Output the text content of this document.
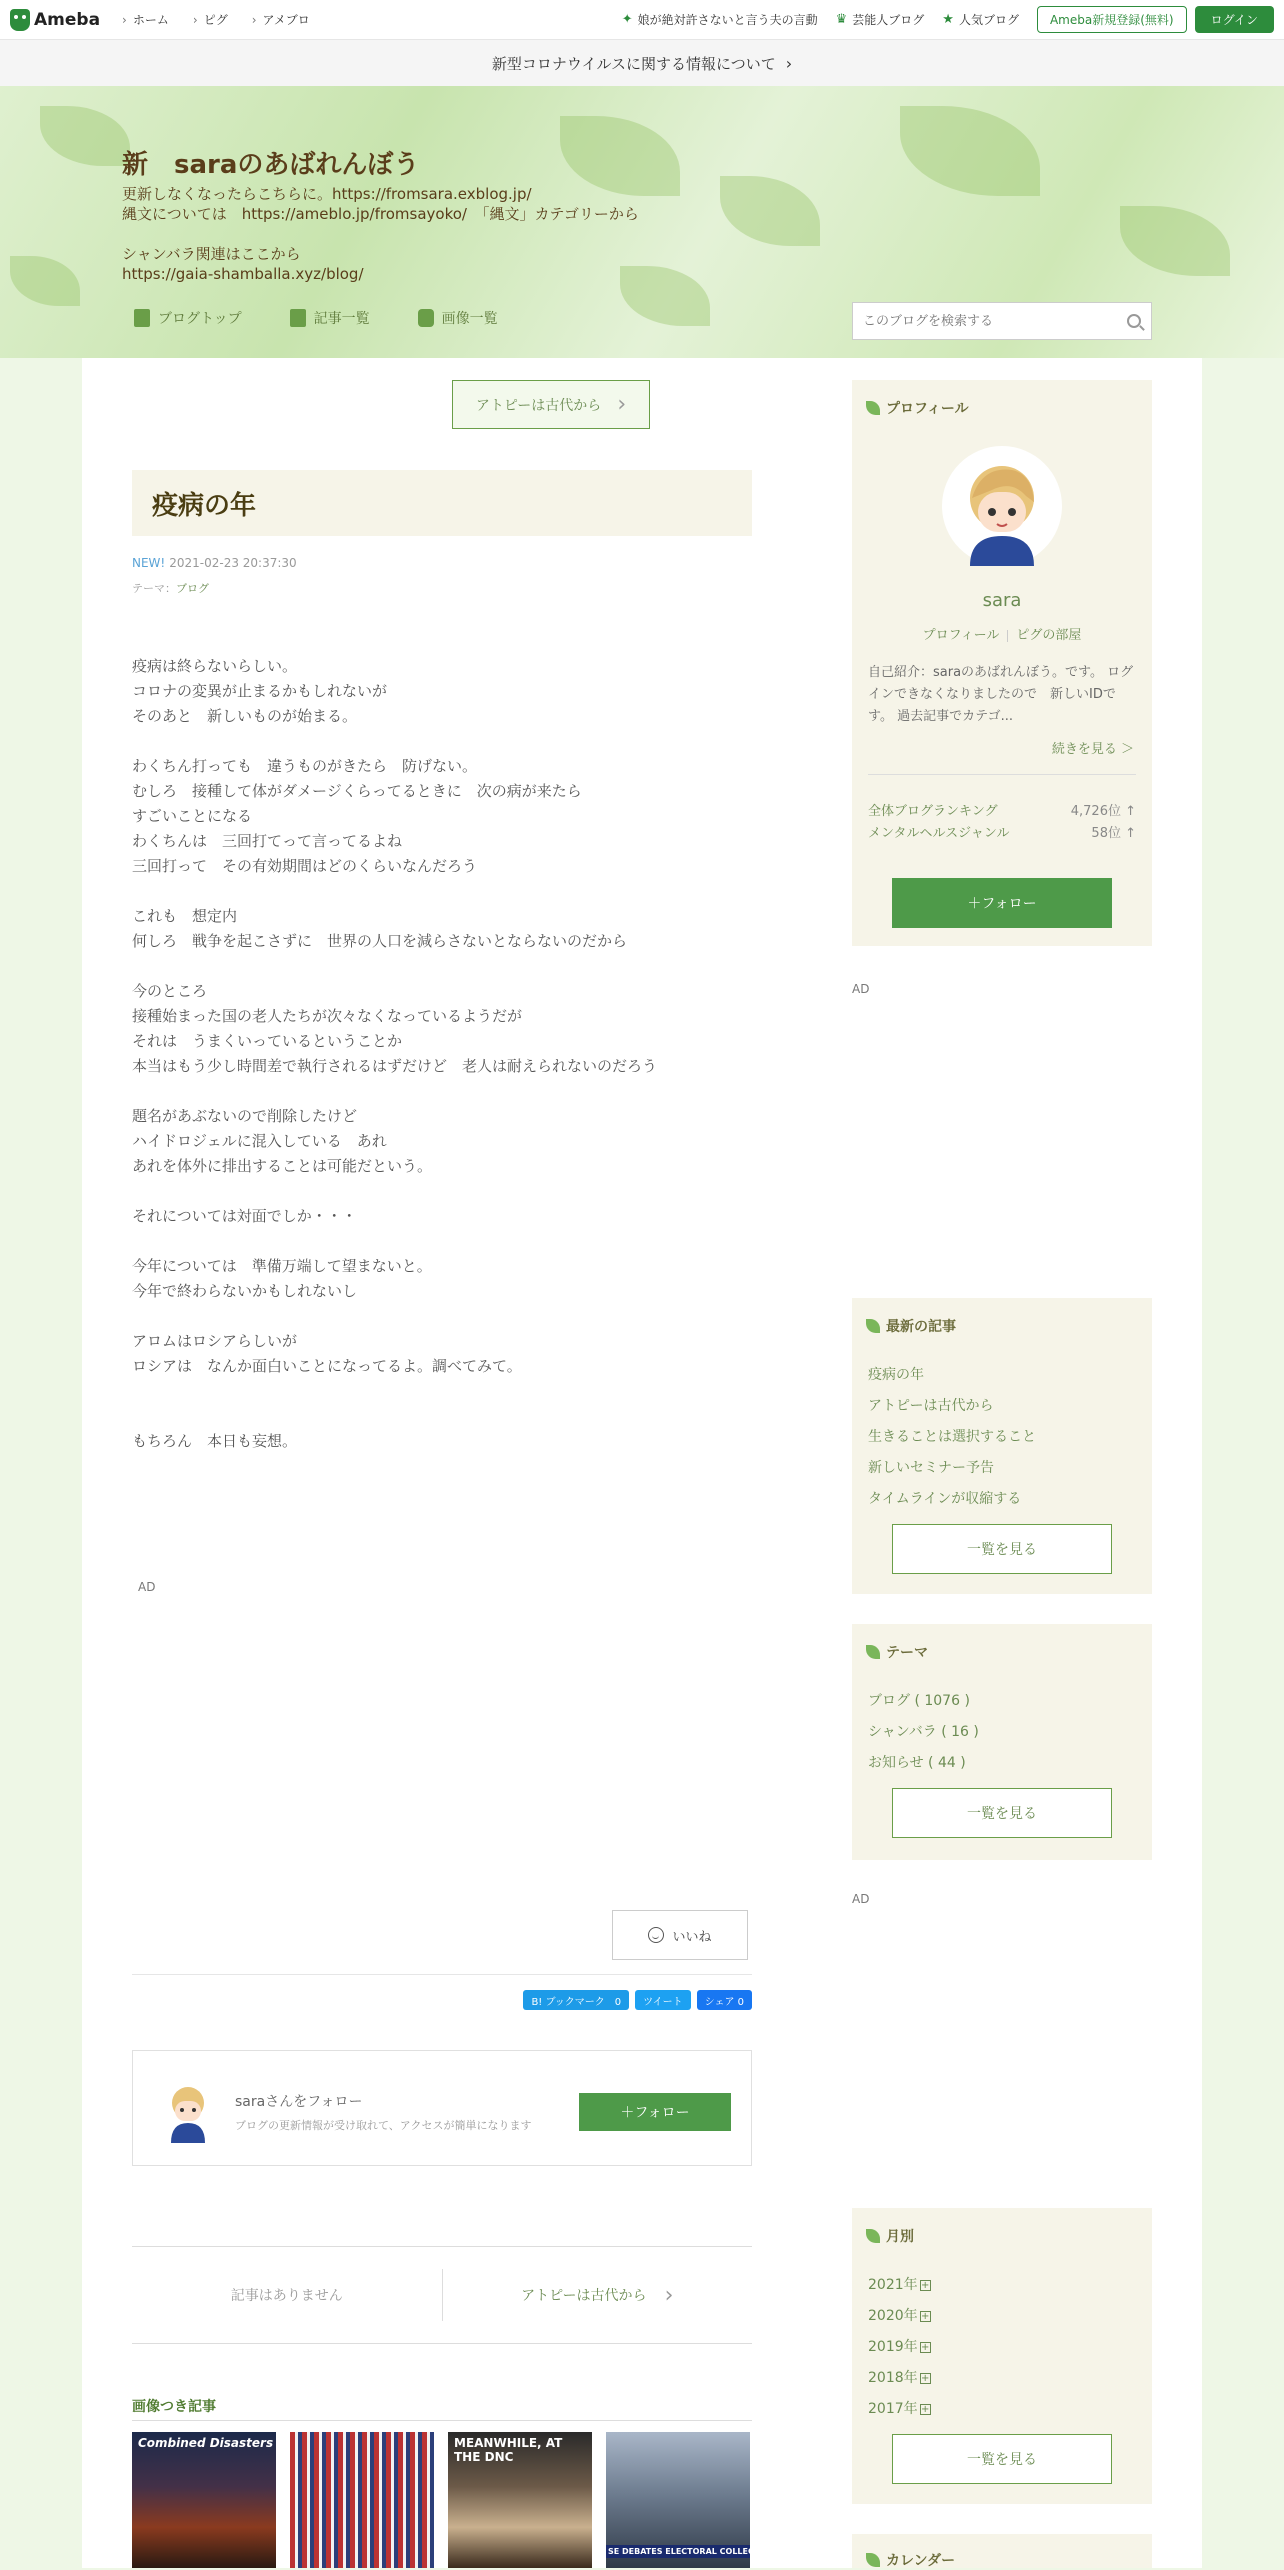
Ameba	› ホーム	› ピグ	› アメブロ	✦ 娘が絶対許さないと言う夫の言動 ♛ 芸能人ブログ ★ 人気ブログ	Ameba新規登録(無料)	ログイン
新型コロナウイルスに関する情報について ›
新　saraのあばれんぼう
更新しなくなったらこちらに。https://fromsara.exblog.jp/
縄文については　https://ameblo.jp/fromsayoko/　「縄文」カテゴリーから

シャンバラ関連はここから
https://gaia-shamballa.xyz/blog/
ブログトップ	記事一覧	画像一覧
このブログを検索する
アトピーは古代から ›
疫病の年
NEW! 2021-02-23 20:37:30
テーマ：ブログ
疫病は終らないらしい。
コロナの変異が止まるかもしれないが
そのあと　新しいものが始まる。

わくちん打っても　違うものがきたら　防げない。
むしろ　接種して体がダメージくらってるときに　次の病が来たら
すごいことになる
わくちんは　三回打てって言ってるよね
三回打って　その有効期間はどのくらいなんだろう

これも　想定内
何しろ　戦争を起こさずに　世界の人口を減らさないとならないのだから

今のところ
接種始まった国の老人たちが次々なくなっているようだが
それは　うまくいっているということか
本当はもう少し時間差で執行されるはずだけど　老人は耐えられないのだろう

題名があぶないので削除したけど
ハイドロジェルに混入している　あれ
あれを体外に排出することは可能だという。

それについては対面でしか・・・

今年については　準備万端して望まないと。
今年で終わらないかもしれないし

アロムはロシアらしいが
ロシアは　なんか面白いことになってるよ。調べてみて。

もちろん　本日も妄想。
AD
いいね
B! ブックマーク　0	ツイート	シェア 0
saraさんをフォロー
ブログの更新情報が受け取れて、アクセスが簡単になります
＋フォロー
記事はありません	アトピーは古代から ›
画像つき記事
Combined Disasters	MEANWHILE, AT THE DNC
SE DEBATES ELECTORAL COLLEGE OB
プロフィール
sara
プロフィール ピグの部屋
自己紹介：saraのあばれんぼう。です。 ログインできなくなりましたので　新しいIDです。 過去記事でカテゴ...
続きを見る ＞
全体ブログランキング	4,726位 ↑
メンタルヘルスジャンル	58位 ↑
＋フォロー
AD
最新の記事
疫病の年
アトピーは古代から
生きることは選択すること
新しいセミナー予告
タイムラインが収縮する
一覧を見る
テーマ
ブログ ( 1076 )
シャンバラ ( 16 )
お知らせ ( 44 )
一覧を見る
AD
月別
2021年 +
2020年 +
2019年 +
2018年 +
2017年 +
一覧を見る
カレンダー
